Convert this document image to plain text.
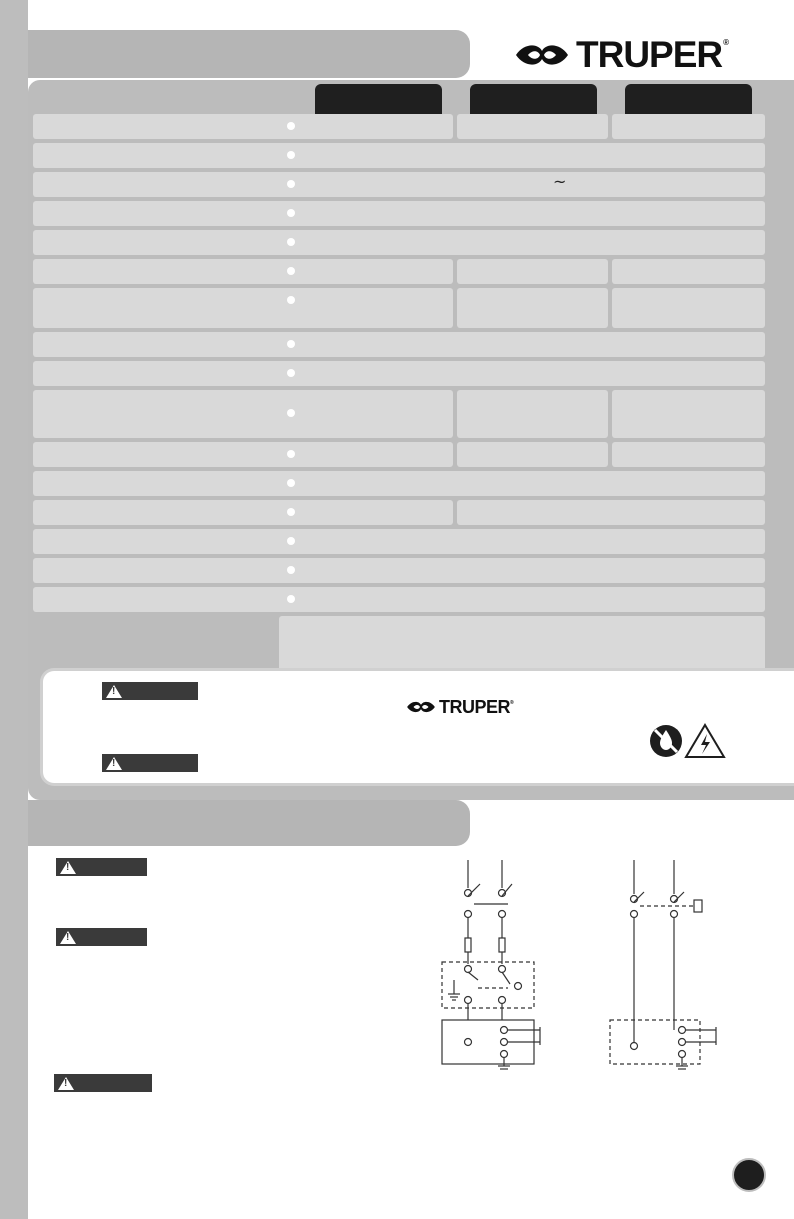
TRUPER ®
~
!
!
TRUPER ®
!
!
!
